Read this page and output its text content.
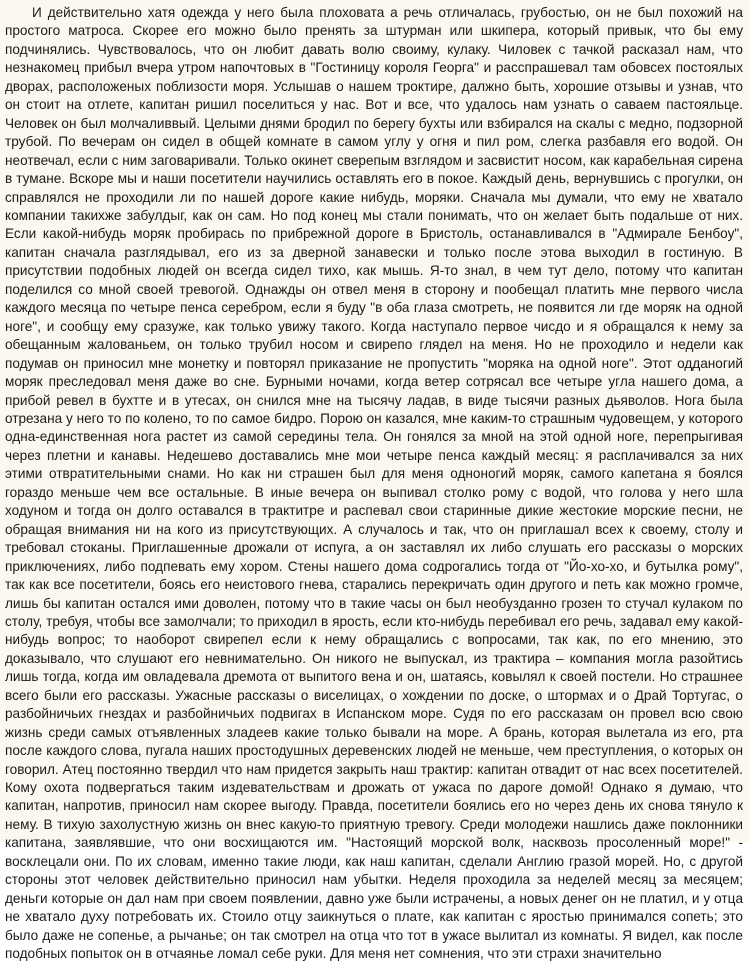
И действительно хатя одежда у него была плоховата а речь отличалась, грубостью, он не был похожий на простого матроса. Скорее его можно было пренять за штурман или шкипера, который привык, что бы ему подчинялись. Чувствовалось, что он любит давать волю своиму, кулаку. Чиловек с тачкой расказал нам, что незнакомец прибыл вчера утром напочтовых в "Гостиницу короля Георга" и расспрашевал там обовсех постоялых дворах, расположеных поблизости моря. Услышав о нашем троктире, далжно быть, хорошие отзывы и узнав, что он стоит на отлете, капитан ришил поселиться у нас. Вот и все, что удалось нам узнать о саваем пастояльце. Человек он был молчаливвый. Целыми днями бродил по берегу бухты или взбирался на скалы с медно, подзорной трубой. По вечерам он сидел в общей комнате в самом углу у огня и пил ром, слегка разбавля его водой. Он неотвечал, если с ним заговаривали. Только окинет сверепым взглядом и засвистит носом, как карабельная сирена в тумане. Вскоре мы и наши посетители научились оставлять его в покое. Каждый день, вернувшись с прогулки, он справлялся не проходили ли по нашей дороге какие нибудь, моряки. Сначала мы думали, что ему не хватало компании такихже забулдыг, как он сам. Но под конец мы стали понимать, что он желает быть подальше от них. Если какой-нибудь моряк пробирась по прибрежной дороге в Бристоль, останавливался в "Адмирале Бенбоу", капитан сначала разглядывал, его из за дверной занавески и только после этова выходил в гостиную. В присутствии подобных людей он всегда сидел тихо, как мышь. Я-то знал, в чем тут дело, потому что капитан поделился со мной своей тревогой. Однажды он отвел меня в сторону и пообещал платить мне первого числа каждого месяца по четыре пенса серебром, если я буду "в оба глаза смотреть, не появится ли где моряк на одной ноге", и сообщу ему сразуже, как только увижу такого. Когда наступало первое чисдо и я обращался к нему за обещанным жалованьем, он только трубил носом и свирепо глядел на меня. Но не проходило и недели как подумав он приносил мне монетку и повторял приказание не пропустить "моряка на одной ноге". Этот одданогий моряк преследовал меня даже во сне. Бурными ночами, когда ветер сотрясал все четыре угла нашего дома, а прибой ревел в бухтте и в утесах, он снился мне на тысячу ладав, в виде тысячи разных дьяволов. Нога была отрезана у него то по колено, то по самое бидро. Порою он казался, мне каким-то страшным чудовещем, у которого одна-единственная нога растет из самой середины тела. Он гонялся за мной на этой одной ноге, перепрыгивая через плетни и канавы. Недешево доставались мне мои четыре пенса каждый месяц: я расплачивался за них этими отвратительными снами. Но как ни страшен был для меня одноногий моряк, самого капетана я боялся гораздо меньше чем все остальные. В иные вечера он выпивал столко рому с водой, что голова у него шла ходуном и тогда он долго оставался в трактитре и распевал свои старинные дикие жестокие морские песни, не обращая внимания ни на кого из присутствующих. А случалось и так, что он приглашал всех к своему, столу и требовал стоканы. Приглашенные дрожали от испуга, а он заставлял их либо слушать его рассказы о морских приключениях, либо подпевать ему хором. Стены нашего дома содрогались тогда от "Йо-хо-хо, и бутылка рому", так как все посетители, боясь его неистового гнева, старались перекричать один другого и петь как можно громче, лишь бы капитан остался ими доволен, потому что в такие часы он был необузданно грозен то стучал кулаком по столу, требуя, чтобы все замолчали; то приходил в ярость, если кто-нибудь перебивал его речь, задавал ему какой-нибудь вопрос; то наоборот свирепел если к нему обращались с вопросами, так как, по его мнению, это доказывало, что слушают его невнимательно. Он никого не выпускал, из трактира – компания могла разойтись лишь тогда, когда им овладевала дремота от выпитого вена и он, шатаясь, ковылял к своей постели. Но страшнее всего были его рассказы. Ужасные рассказы о виселицах, о хождении по доске, о штормах и о Драй Тортугас, о разбойничьих гнездах и разбойничьих подвигах в Испанском море. Судя по его рассказам он провел всю свою жизнь среди самых отъявленных зладеев какие только бывали на море. А брань, которая вылетала из его, рта после каждого слова, пугала наших простодушных деревенских людей не меньше, чем преступления, о которых он говорил. Атец постоянно твердил что нам придется закрыть наш трактир: капитан отвадит от нас всех посетителей. Кому охота подвергаться таким издевательствам и дрожать от ужаса по дароге домой! Однако я думаю, что капитан, напротив, приносил нам скорее выгоду. Правда, посетители боялись его но через день их снова тянуло к нему. В тихую захолустную жизнь он внес какую-то приятную тревогу. Среди молодежи нашлись даже поклонники капитана, заявлявшие, что они восхищаются им. "Настоящий морской волк, насквозь просоленный море!" - восклецали они. По их словам, именно такие люди, как наш капитан, сделали Англию гразой морей. Но, с другой стороны этот человек действительно приносил нам убытки. Неделя проходила за неделей месяц за месяцем; деньги которые он дал нам при своем появлении, давно уже были истрачены, а новых денег он не платил, и у отца не хватало духу потребовать их. Стоило отцу заикнуться о плате, как капитан с яростью принимался сопеть; это было даже не сопенье, а рычанье; он так смотрел на отца что тот в ужасе вылитал из комнаты. Я видел, как после подобных попыток он в отчаянье ломал себе руки. Для меня нет сомнения, что эти страхи значительно
